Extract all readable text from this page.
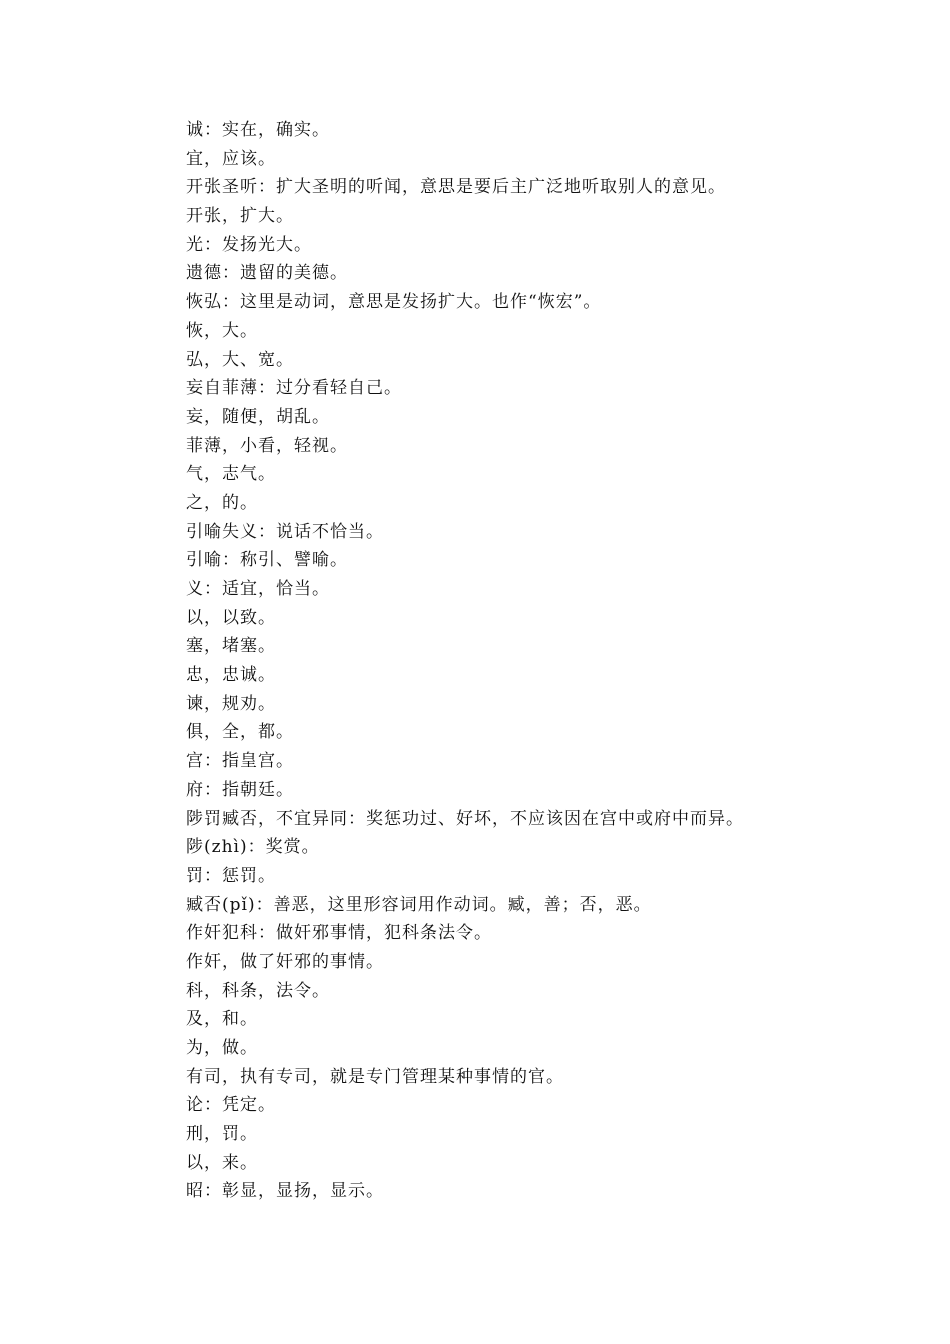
诚：实在，确实。
宜，应该。
开张圣听：扩大圣明的听闻，意思是要后主广泛地听取别人的意见。
开张，扩大。
光：发扬光大。
遗德：遗留的美德。
恢弘：这里是动词，意思是发扬扩大。也作“恢宏”。
恢，大。
弘，大、宽。
妄自菲薄：过分看轻自己。
妄，随便，胡乱。
菲薄，小看，轻视。
气，志气。
之，的。
引喻失义：说话不恰当。
引喻：称引、譬喻。
义：适宜，恰当。
以，以致。
塞，堵塞。
忠，忠诚。
谏，规劝。
俱，全，都。
宫：指皇宫。
府：指朝廷。
陟罚臧否，不宜异同：奖惩功过、好坏，不应该因在宫中或府中而异。
陟(zhì)：奖赏。
罚：惩罚。
臧否(pǐ)：善恶，这里形容词用作动词。臧，善；否，恶。
作奸犯科：做奸邪事情，犯科条法令。
作奸，做了奸邪的事情。
科，科条，法令。
及，和。
为，做。
有司，执有专司，就是专门管理某种事情的官。
论：凭定。
刑，罚。
以，来。
昭：彰显，显扬，显示。
